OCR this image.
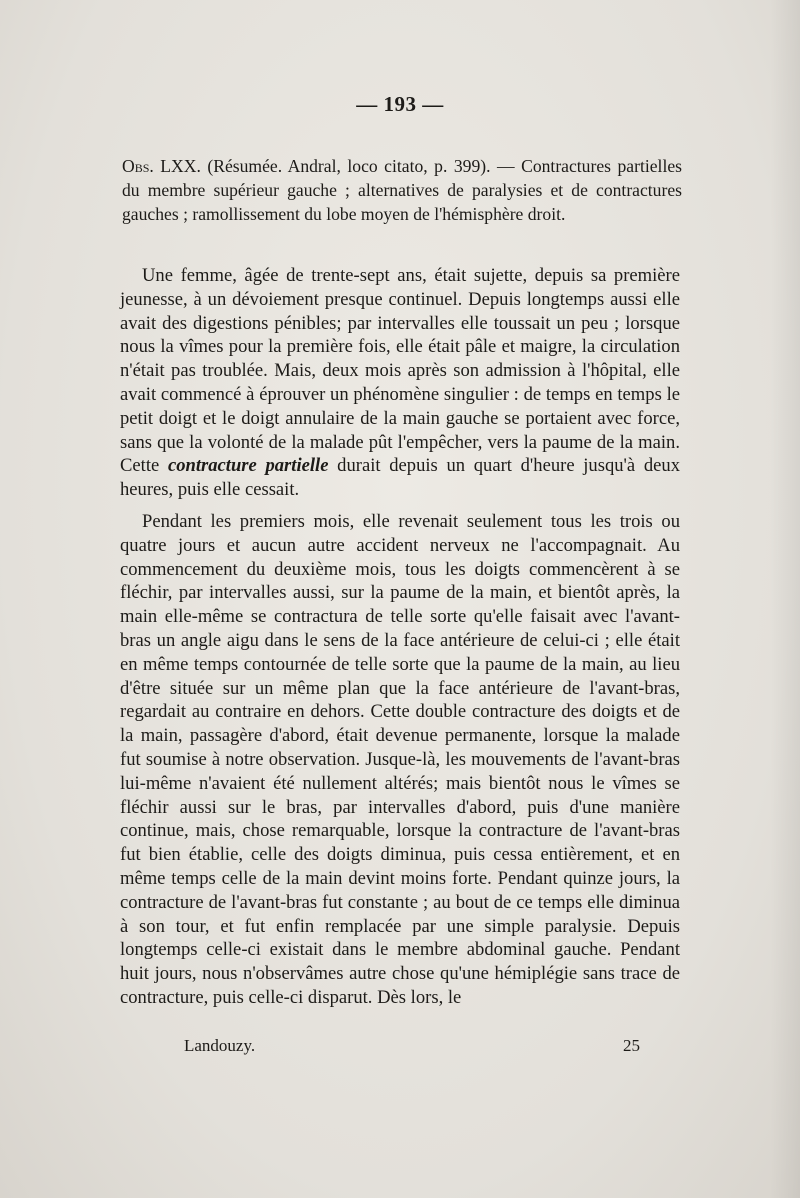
— 193 —
Obs. LXX. (Résumée. Andral, loco citato, p. 399). — Contractures partielles du membre supérieur gauche ; alternatives de paralysies et de contractures gauches ; ramollissement du lobe moyen de l'hémisphère droit.

Une femme, âgée de trente-sept ans, était sujette, depuis sa première jeunesse, à un dévoiement presque continuel. Depuis longtemps aussi elle avait des digestions pénibles; par intervalles elle toussait un peu ; lorsque nous la vîmes pour la première fois, elle était pâle et maigre, la circulation n'était pas troublée. Mais, deux mois après son admission à l'hôpital, elle avait commencé à éprouver un phénomène singulier : de temps en temps le petit doigt et le doigt annulaire de la main gauche se portaient avec force, sans que la volonté de la malade pût l'empêcher, vers la paume de la main. Cette contracture partielle durait depuis un quart d'heure jusqu'à deux heures, puis elle cessait.

Pendant les premiers mois, elle revenait seulement tous les trois ou quatre jours et aucun autre accident nerveux ne l'accompagnait. Au commencement du deuxième mois, tous les doigts commencèrent à se fléchir, par intervalles aussi, sur la paume de la main, et bientôt après, la main elle-même se contractura de telle sorte qu'elle faisait avec l'avant-bras un angle aigu dans le sens de la face antérieure de celui-ci ; elle était en même temps contournée de telle sorte que la paume de la main, au lieu d'être située sur un même plan que la face antérieure de l'avant-bras, regardait au contraire en dehors. Cette double contracture des doigts et de la main, passagère d'abord, était devenue permanente, lorsque la malade fut soumise à notre observation. Jusque-là, les mouvements de l'avant-bras lui-même n'avaient été nullement altérés; mais bientôt nous le vîmes se fléchir aussi sur le bras, par intervalles d'abord, puis d'une manière continue, mais, chose remarquable, lorsque la contracture de l'avant-bras fut bien établie, celle des doigts diminua, puis cessa entièrement, et en même temps celle de la main devint moins forte. Pendant quinze jours, la contracture de l'avant-bras fut constante ; au bout de ce temps elle diminua à son tour, et fut enfin remplacée par une simple paralysie. Depuis longtemps celle-ci existait dans le membre abdominal gauche. Pendant huit jours, nous n'observâmes autre chose qu'une hémiplégie sans trace de contracture, puis celle-ci disparut. Dès lors, le

Landouzy.	25
